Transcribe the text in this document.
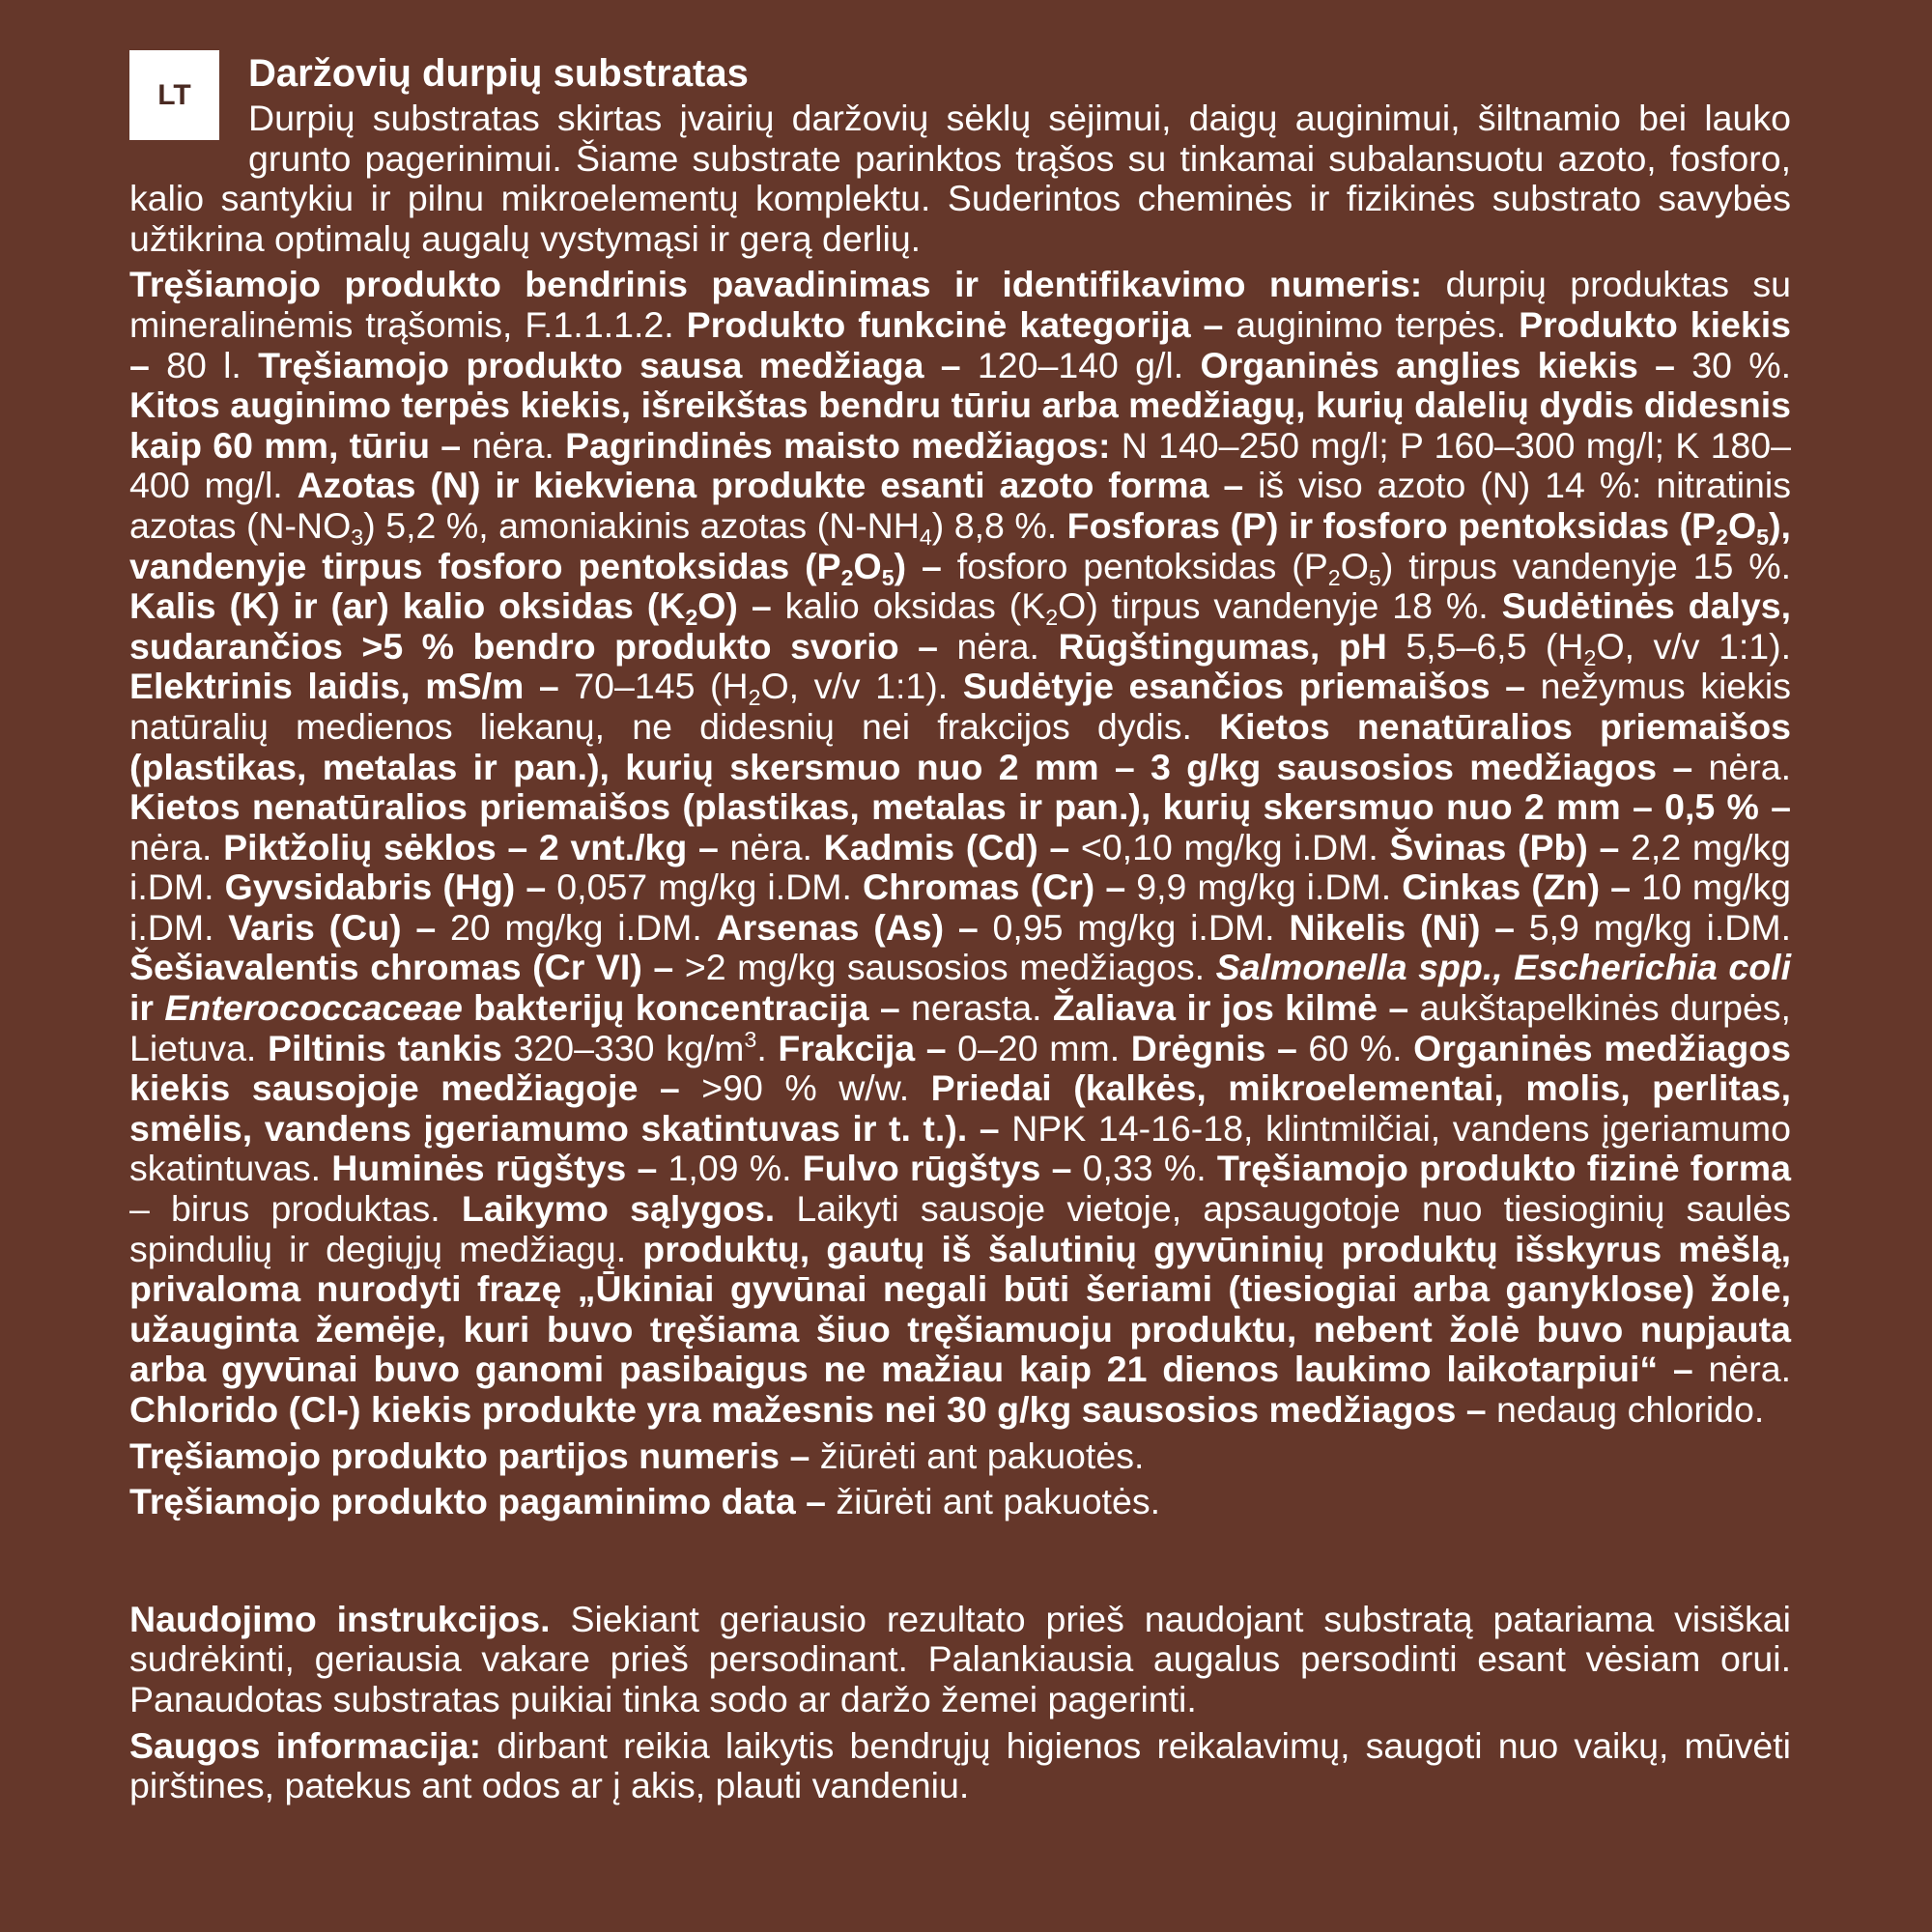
LT
Daržovių durpių substratas

Durpių substratas skirtas įvairių daržovių sėklų sėjimui, daigų auginimui, šiltnamio bei lauko grunto pagerinimui. Šiame substrate parinktos trąšos su tinkamai subalansuotu azoto, fosforo, kalio santykiu ir pilnu mikroelementų komplektu. Suderintos cheminės ir fizikinės substrato savybės užtikrina optimalų augalų vystymąsi ir gerą derlių.

Tręšiamojo produkto bendrinis pavadinimas ir identifikavimo numeris: durpių produktas su mineralinėmis trąšomis, F.1.1.1.2. Produkto funkcinė kategorija – auginimo terpės. Produkto kiekis – 80 l. Tręšiamojo produkto sausa medžiaga – 120–140 g/l. Organinės anglies kiekis – 30 %. Kitos auginimo terpės kiekis, išreikštas bendru tūriu arba medžiagų, kurių dalelių dydis didesnis kaip 60 mm, tūriu – nėra. Pagrindinės maisto medžiagos: N 140–250 mg/l; P 160–300 mg/l; K 180–400 mg/l. Azotas (N) ir kiekviena produkte esanti azoto forma – iš viso azoto (N) 14 %: nitratinis azotas $(N-NO_3)$ 5,2 %, amoniakinis azotas $(N-NH_4)$ 8,8 %. Fosforas (P) ir fosforo pentoksidas $(P_2O_5)$, vandenyje tirpus fosforo pentoksidas $(P_2O_5)$ – fosforo pentoksidas $(P_2O_5)$ tirpus vandenyje 15 %. Kalis (K) ir (ar) kalio oksidas $(K_2O)$ – kalio oksidas $(K_2O)$ tirpus vandenyje 18 %. Sudėtinės dalys, sudarančios >5 % bendro produkto svorio – nėra. Rūgštingumas, pH 5,5–6,5 ($H_2O$, v/v 1:1). Elektrinis laidis, mS/m – 70–145 ($H_2O$, v/v 1:1). Sudėtyje esančios priemaišos – nežymus kiekis natūralių medienos liekanų, ne didesnių nei frakcijos dydis. Kietos nenatūralios priemaišos (plastikas, metalas ir pan.), kurių skersmuo nuo 2 mm – 3 g/kg sausosios medžiagos – nėra. Kietos nenatūralios priemaišos (plastikas, metalas ir pan.), kurių skersmuo nuo 2 mm – 0,5 % – nėra. Piktžolių sėklos – 2 vnt./kg – nėra. Kadmis (Cd) – <0,10 mg/kg i.DM. Švinas (Pb) – 2,2 mg/kg i.DM. Gyvsidabris (Hg) – 0,057 mg/kg i.DM. Chromas (Cr) – 9,9 mg/kg i.DM. Cinkas (Zn) – 10 mg/kg i.DM. Varis (Cu) – 20 mg/kg i.DM. Arsenas (As) – 0,95 mg/kg i.DM. Nikelis (Ni) – 5,9 mg/kg i.DM. Šešiavalentis chromas (Cr VI) – >2 mg/kg sausosios medžiagos. Salmonella spp., Escherichia coli ir Enterococcaceae bakterijų koncentracija – nerasta. Žaliava ir jos kilmė – aukštapelkinės durpės, Lietuva. Piltinis tankis 320–330 $kg/m^3$. Frakcija – 0–20 mm. Drėgnis – 60 %. Organinės medžiagos kiekis sausojoje medžiagoje – >90 % w/w. Priedai (kalkės, mikroelementai, molis, perlitas, smėlis, vandens įgeriamumo skatintuvas ir t. t.). – NPK 14-16-18, klintmilčiai, vandens įgeriamumo skatintuvas. Huminės rūgštys – 1,09 %. Fulvo rūgštys – 0,33 %. Tręšiamojo produkto fizinė forma – birus produktas. Laikymo sąlygos. Laikyti sausoje vietoje, apsaugotoje nuo tiesioginių saulės spindulių ir degiųjų medžiagų. produktų, gautų iš šalutinių gyvūninių produktų išskyrus mėšlą, privaloma nurodyti frazę „Ūkiniai gyvūnai negali būti šeriami (tiesiogiai arba ganyklose) žole, užauginta žemėje, kuri buvo tręšiama šiuo tręšiamuoju produktu, nebent žolė buvo nupjauta arba gyvūnai buvo ganomi pasibaigus ne mažiau kaip 21 dienos laukimo laikotarpiui“ – nėra. Chlorido (Cl-) kiekis produkte yra mažesnis nei 30 g/kg sausosios medžiagos – nedaug chlorido.

Tręšiamojo produkto partijos numeris – žiūrėti ant pakuotės.

Tręšiamojo produkto pagaminimo data – žiūrėti ant pakuotės.

Naudojimo instrukcijos. Siekiant geriausio rezultato prieš naudojant substratą patariama visiškai sudrėkinti, geriausia vakare prieš persodinant. Palankiausia augalus persodinti esant vėsiam orui. Panaudotas substratas puikiai tinka sodo ar daržo žemei pagerinti.

Saugos informacija: dirbant reikia laikytis bendrųjų higienos reikalavimų, saugoti nuo vaikų, mūvėti pirštines, patekus ant odos ar į akis, plauti vandeniu.
